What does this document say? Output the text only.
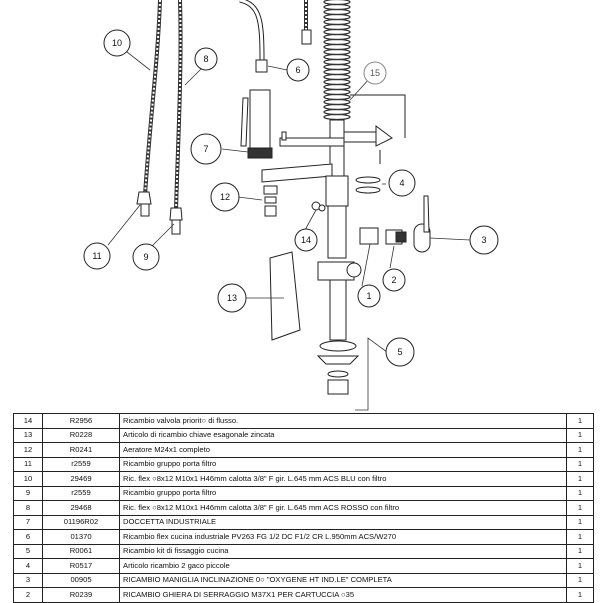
1
2
3
4
5
6
7
8
9
10
11
12
13
14
15
14	R2956	Ricambio valvola priorit○ di flusso.	1
13	R0228	Articolo di ricambio chiave esagonale zincata	1
12	R0241	Aeratore M24x1 completo	1
11	r2559	Ricambio gruppo porta filtro	1
10	29469	Ric. flex ○8x12 M10x1 H46mm calotta 3/8" F gir. L.645 mm ACS BLU con filtro	1
9	r2559	Ricambio gruppo porta filtro	1
8	29468	Ric. flex ○8x12 M10x1 H46mm calotta 3/8" F gir. L.645 mm ACS ROSSO con filtro	1
7	01196R02	DOCCETTA INDUSTRIALE	1
6	01370	Ricambio flex cucina industriale PV263 FG 1/2 DC F1/2 CR L.950mm ACS/W270	1
5	R0061	Ricambio kit di fissaggio cucina	1
4	R0517	Articolo ricambio 2 gaco piccole	1
3	00905	RICAMBIO MANIGLIA INCLINAZIONE 0○ "OXYGENE HT IND.LE" COMPLETA	1
2	R0239	RICAMBIO GHIERA DI SERRAGGIO M37X1 PER CARTUCCIA ○35	1
